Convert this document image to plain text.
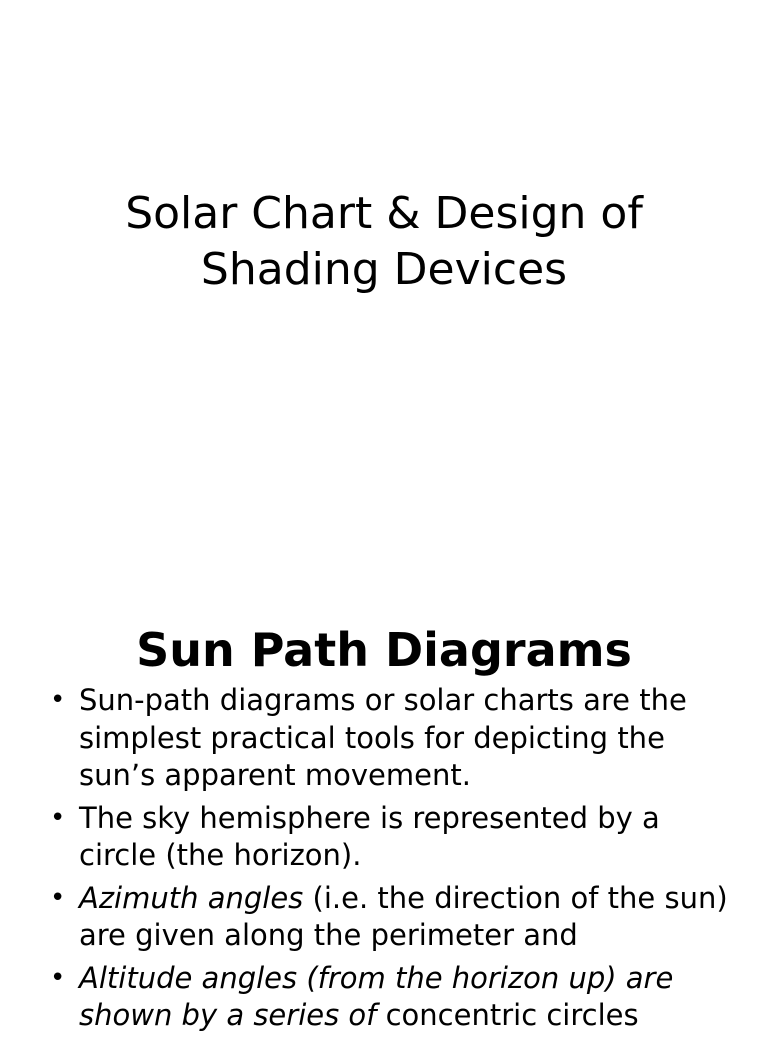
Solar Chart & Design of
Shading Devices
Sun Path Diagrams
• Sun-path diagrams or solar charts are the simplest practical tools for depicting the sun’s apparent movement.
• The sky hemisphere is represented by a circle (the horizon).
• Azimuth angles (i.e. the direction of the sun) are given along the perimeter and
• Altitude angles (from the horizon up) are shown by a series of concentric circles
